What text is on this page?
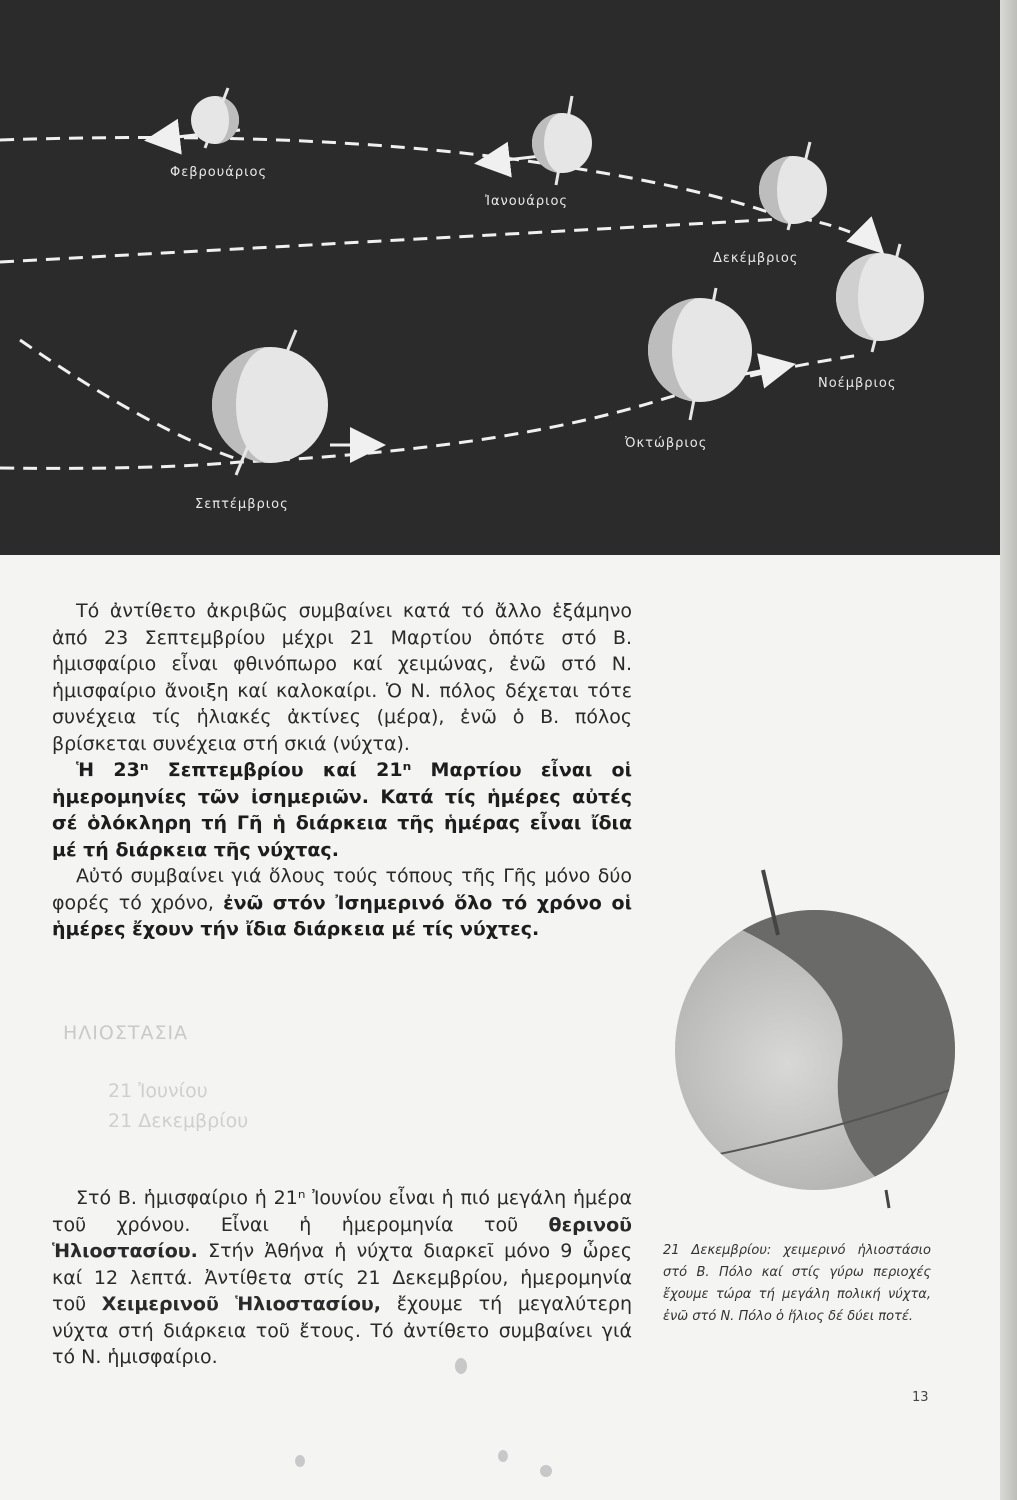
Φεβρουάριος
Ἰανουάριος
Δεκέμβριος
Νοέμβριος
Ὀκτώβριος
Σεπτέμβριος

Τό ἀντίθετο ἀκριβῶς συμβαίνει κατά τό ἄλλο ἑξάμηνο ἀπό 23 Σεπτεμβρίου μέχρι 21 Μαρτίου ὁπότε στό Β. ἡμισφαίριο εἶναι φθινόπωρο καί χειμώνας, ἐνῶ στό Ν. ἡμισφαίριο ἄνοιξη καί καλοκαίρι. Ὁ Ν. πόλος δέχεται τότε συνέχεια τίς ἡλιακές ἀκτίνες (μέρα), ἐνῶ ὁ Β. πόλος βρίσκεται συνέχεια στή σκιά (νύχτα).

Ἡ 23ⁿ Σεπτεμβρίου καί 21ⁿ Μαρτίου εἶναι οἱ ἡμερομηνίες τῶν ἰσημεριῶν. Κατά τίς ἡμέρες αὐτές σέ ὁλόκληρη τή Γῆ ἡ διάρκεια τῆς ἡμέρας εἶναι ἴδια μέ τή διάρκεια τῆς νύχτας.

Αὐτό συμβαίνει γιά ὅλους τούς τόπους τῆς Γῆς μόνο δύο φορές τό χρόνο, ἐνῶ στόν Ἰσημερινό ὅλο τό χρόνο οἱ ἡμέρες ἔχουν τήν ἴδια διάρκεια μέ τίς νύχτες.

ΗΛΙΟΣΤΑΣΙΑ
21 Ἰουνίου
21 Δεκεμβρίου

Στό Β. ἡμισφαίριο ἡ 21ⁿ Ἰουνίου εἶναι ἡ πιό μεγάλη ἡμέρα τοῦ χρόνου. Εἶναι ἡ ἡμερομηνία τοῦ θερινοῦ Ἡλιοστασίου. Στήν Ἀθήνα ἡ νύχτα διαρκεῖ μόνο 9 ὧρες καί 12 λεπτά. Ἀντίθετα στίς 21 Δεκεμβρίου, ἡμερομηνία τοῦ Χειμερινοῦ Ἡλιοστασίου, ἔχουμε τή μεγαλύτερη νύχτα στή διάρκεια τοῦ ἔτους. Τό ἀντίθετο συμβαίνει γιά τό Ν. ἡμισφαίριο.

21 Δεκεμβρίου: χειμερινό ἡλιοστάσιο στό Β. Πόλο καί στίς γύρω περιοχές ἔχουμε τώρα τή μεγάλη πολική νύχτα, ἐνῶ στό Ν. Πόλο ὁ ἥλιος δέ δύει ποτέ.
13
